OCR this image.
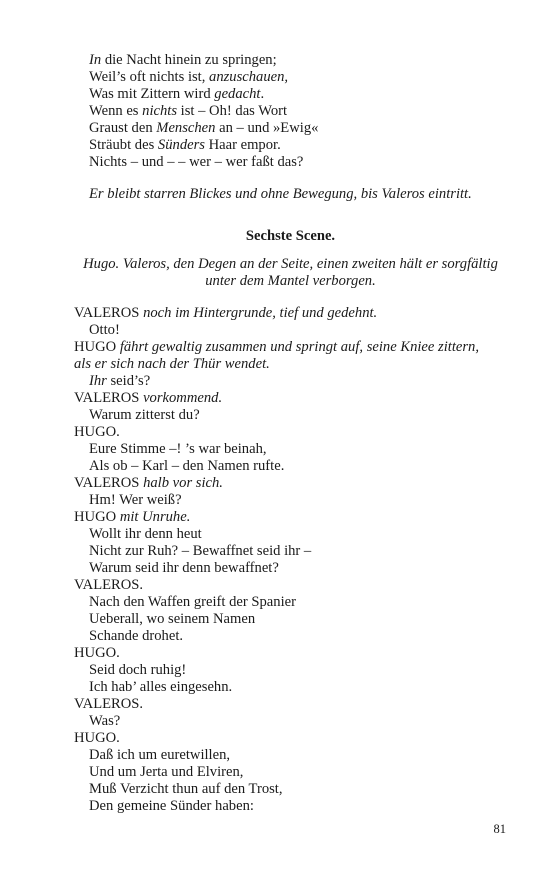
In die Nacht hinein zu springen;
Weil’s oft nichts ist, anzuschauen,
Was mit Zittern wird gedacht.
Wenn es nichts ist – Oh! das Wort
Graust den Menschen an – und »Ewig«
Sträubt des Sünders Haar empor.
Nichts – und – – wer – wer faßt das?
Er bleibt starren Blickes und ohne Bewegung, bis Valeros eintritt.
Sechste Scene.
Hugo. Valeros, den Degen an der Seite, einen zweiten hält er sorgfältig
unter dem Mantel verborgen.
VALEROS noch im Hintergrunde, tief und gedehnt.
Otto!
HUGO fährt gewaltig zusammen und springt auf, seine Kniee zittern,
als er sich nach der Thür wendet.
Ihr seid’s?
VALEROS vorkommend.
Warum zitterst du?
HUGO.
Eure Stimme –! ’s war beinah,
Als ob – Karl – den Namen rufte.
VALEROS halb vor sich.
Hm! Wer weiß?
HUGO mit Unruhe.
Wollt ihr denn heut
Nicht zur Ruh? – Bewaffnet seid ihr –
Warum seid ihr denn bewaffnet?
VALEROS.
Nach den Waffen greift der Spanier
Ueberall, wo seinem Namen
Schande drohet.
HUGO.
Seid doch ruhig!
Ich hab’ alles eingesehn.
VALEROS.
Was?
HUGO.
Daß ich um euretwillen,
Und um Jerta und Elviren,
Muß Verzicht thun auf den Trost,
Den gemeine Sünder haben:
81
